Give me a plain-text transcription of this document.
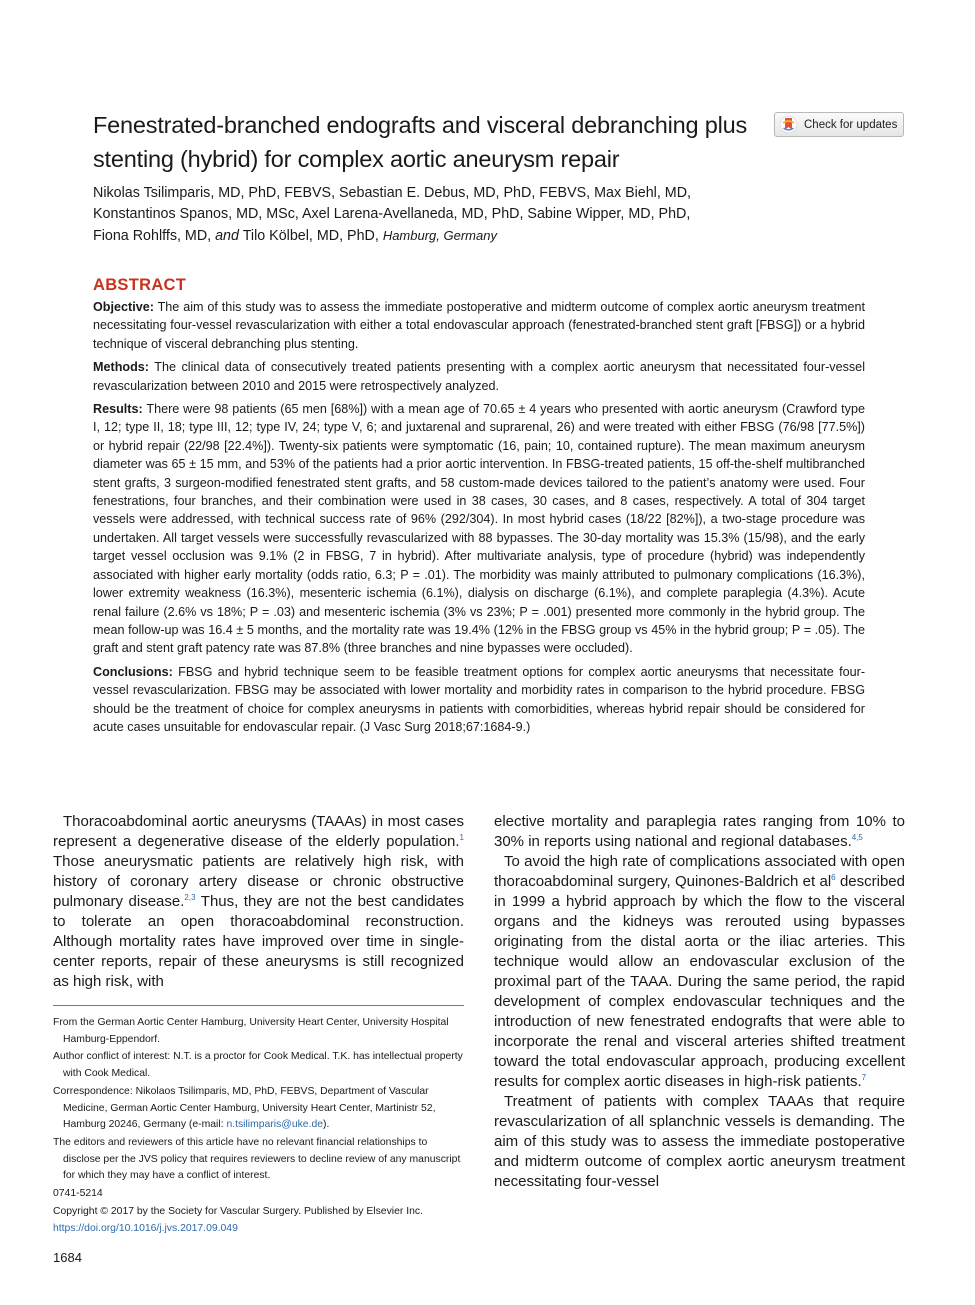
Fenestrated-branched endografts and visceral debranching plus stenting (hybrid) for complex aortic aneurysm repair
Check for updates
Nikolas Tsilimparis, MD, PhD, FEBVS, Sebastian E. Debus, MD, PhD, FEBVS, Max Biehl, MD,
Konstantinos Spanos, MD, MSc, Axel Larena-Avellaneda, MD, PhD, Sabine Wipper, MD, PhD,
Fiona Rohlffs, MD, and Tilo Kölbel, MD, PhD, Hamburg, Germany
ABSTRACT

Objective: The aim of this study was to assess the immediate postoperative and midterm outcome of complex aortic aneurysm treatment necessitating four-vessel revascularization with either a total endovascular approach (fenestrated-branched stent graft [FBSG]) or a hybrid technique of visceral debranching plus stenting.

Methods: The clinical data of consecutively treated patients presenting with a complex aortic aneurysm that necessitated four-vessel revascularization between 2010 and 2015 were retrospectively analyzed.

Results: There were 98 patients (65 men [68%]) with a mean age of 70.65 ± 4 years who presented with aortic aneurysm (Crawford type I, 12; type II, 18; type III, 12; type IV, 24; type V, 6; and juxtarenal and suprarenal, 26) and were treated with either FBSG (76/98 [77.5%]) or hybrid repair (22/98 [22.4%]). Twenty-six patients were symptomatic (16, pain; 10, contained rupture). The mean maximum aneurysm diameter was 65 ± 15 mm, and 53% of the patients had a prior aortic intervention. In FBSG-treated patients, 15 off-the-shelf multibranched stent grafts, 3 surgeon-modified fenestrated stent grafts, and 58 custom-made devices tailored to the patient’s anatomy were used. Four fenestrations, four branches, and their combination were used in 38 cases, 30 cases, and 8 cases, respectively. A total of 304 target vessels were addressed, with technical success rate of 96% (292/304). In most hybrid cases (18/22 [82%]), a two-stage procedure was undertaken. All target vessels were successfully revascularized with 88 bypasses. The 30-day mortality was 15.3% (15/98), and the early target vessel occlusion was 9.1% (2 in FBSG, 7 in hybrid). After multivariate analysis, type of procedure (hybrid) was independently associated with higher early mortality (odds ratio, 6.3; P = .01). The morbidity was mainly attributed to pulmonary complications (16.3%), lower extremity weakness (16.3%), mesenteric ischemia (6.1%), dialysis on discharge (6.1%), and complete paraplegia (4.3%). Acute renal failure (2.6% vs 18%; P = .03) and mesenteric ischemia (3% vs 23%; P = .001) presented more commonly in the hybrid group. The mean follow-up was 16.4 ± 5 months, and the mortality rate was 19.4% (12% in the FBSG group vs 45% in the hybrid group; P = .05). The graft and stent graft patency rate was 87.8% (three branches and nine bypasses were occluded).

Conclusions: FBSG and hybrid technique seem to be feasible treatment options for complex aortic aneurysms that necessitate four-vessel revascularization. FBSG may be associated with lower mortality and morbidity rates in comparison to the hybrid procedure. FBSG should be the treatment of choice for complex aneurysms in patients with comorbidities, whereas hybrid repair should be considered for acute cases unsuitable for endovascular repair. (J Vasc Surg 2018;67:1684-9.)

Thoracoabdominal aortic aneurysms (TAAAs) in most cases represent a degenerative disease of the elderly population.$^1$ Those aneurysmatic patients are relatively high risk, with history of coronary artery disease or chronic obstructive pulmonary disease.$^{2,3}$ Thus, they are not the best candidates to tolerate an open thoracoabdominal reconstruction. Although mortality rates have improved over time in single-center reports, repair of these aneurysms is still recognized as high risk, with

elective mortality and paraplegia rates ranging from 10% to 30% in reports using national and regional databases.$^{4,5}$

To avoid the high rate of complications associated with open thoracoabdominal surgery, Quinones-Baldrich et $al^6$ described in 1999 a hybrid approach by which the flow to the visceral organs and the kidneys was rerouted using bypasses originating from the distal aorta or the iliac arteries. This technique would allow an endovascular exclusion of the proximal part of the TAAA. During the same period, the rapid development of complex endovascular techniques and the introduction of new fenestrated endografts that were able to incorporate the renal and visceral arteries shifted treatment toward the total endovascular approach, producing excellent results for complex aortic diseases in high-risk patients.$^7$

Treatment of patients with complex TAAAs that require revascularization of all splanchnic vessels is demanding. The aim of this study was to assess the immediate postoperative and midterm outcome of complex aortic aneurysm treatment necessitating four-vessel

From the German Aortic Center Hamburg, University Heart Center, University Hospital Hamburg-Eppendorf.

Author conflict of interest: N.T. is a proctor for Cook Medical. T.K. has intellectual property with Cook Medical.

Correspondence: Nikolaos Tsilimparis, MD, PhD, FEBVS, Department of Vascular Medicine, German Aortic Center Hamburg, University Heart Center, Martinistr 52, Hamburg 20246, Germany (e-mail: n.tsilimparis@uke.de).

The editors and reviewers of this article have no relevant financial relationships to disclose per the JVS policy that requires reviewers to decline review of any manuscript for which they may have a conflict of interest.

0741-5214

Copyright © 2017 by the Society for Vascular Surgery. Published by Elsevier Inc.

https://doi.org/10.1016/j.jvs.2017.09.049

1684
